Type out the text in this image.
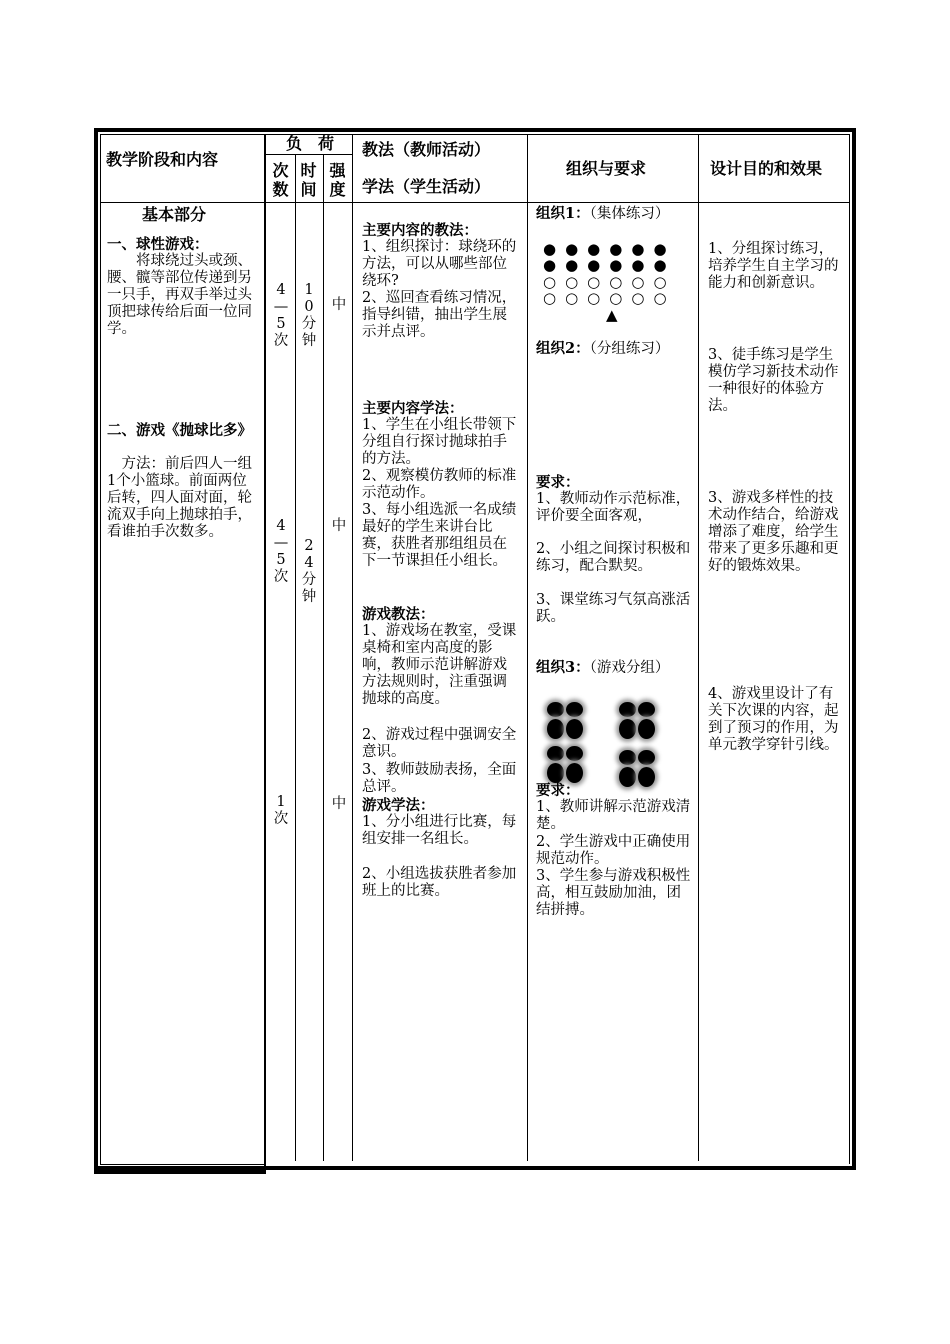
教学阶段和内容
负　荷
次数
时间
强度
教法（教师活动）
学法（学生活动）
组织与要求	设计目的和效果
基本部分
一、球性游戏：
　　将球绕过头或颈、腰、髋等部位传递到另一只手，再双手举过头顶把球传给后面一位同学。
二、游戏《抛球比多》
　方法：前后四人一组1个小篮球。前面两位后转，四人面对面，轮流双手向上抛球拍手，看谁拍手次数多。
4
—
5
次
1
0
分
钟
中
4
—
5
次
2
4
分
钟
中
1
次
中
主要内容的教法：
1、组织探讨：球绕环的方法，可以从哪些部位绕环?
2、巡回查看练习情况，指导纠错，抽出学生展示并点评。
主要内容学法：
1、学生在小组长带领下分组自行探讨抛球拍手的方法。
2、观察模仿教师的标准示范动作。
3、每小组选派一名成绩最好的学生来讲台比赛，获胜者那组组员在下一节课担任小组长。
游戏教法：
1、游戏场在教室，受课桌椅和室内高度的影响，教师示范讲解游戏方法规则时，注重强调抛球的高度。
2、游戏过程中强调安全意识。
3、教师鼓励表扬，全面总评。
游戏学法：
1、分小组进行比赛，每组安排一名组长。
2、小组选拔获胜者参加班上的比赛。
组织1：（集体练习）
●●●●●●
●●●●●●
○○○○○○
○○○○○○
▲
组织2：（分组练习）
要求：
1、教师动作示范标准，评价要全面客观，
2、小组之间探讨积极和练习，配合默契。
3、课堂练习气氛高涨活跃。
组织3：（游戏分组）
要求：
1、教师讲解示范游戏清楚。
2、学生游戏中正确使用规范动作。
3、学生参与游戏积极性高，相互鼓励加油，团结拼搏。
1、分组探讨练习，培养学生自主学习的能力和创新意识。
3、徒手练习是学生模仿学习新技术动作一种很好的体验方法。
3、游戏多样性的技术动作结合，给游戏增添了难度，给学生带来了更多乐趣和更好的锻炼效果。
4、游戏里设计了有关下次课的内容，起到了预习的作用，为单元教学穿针引线。
